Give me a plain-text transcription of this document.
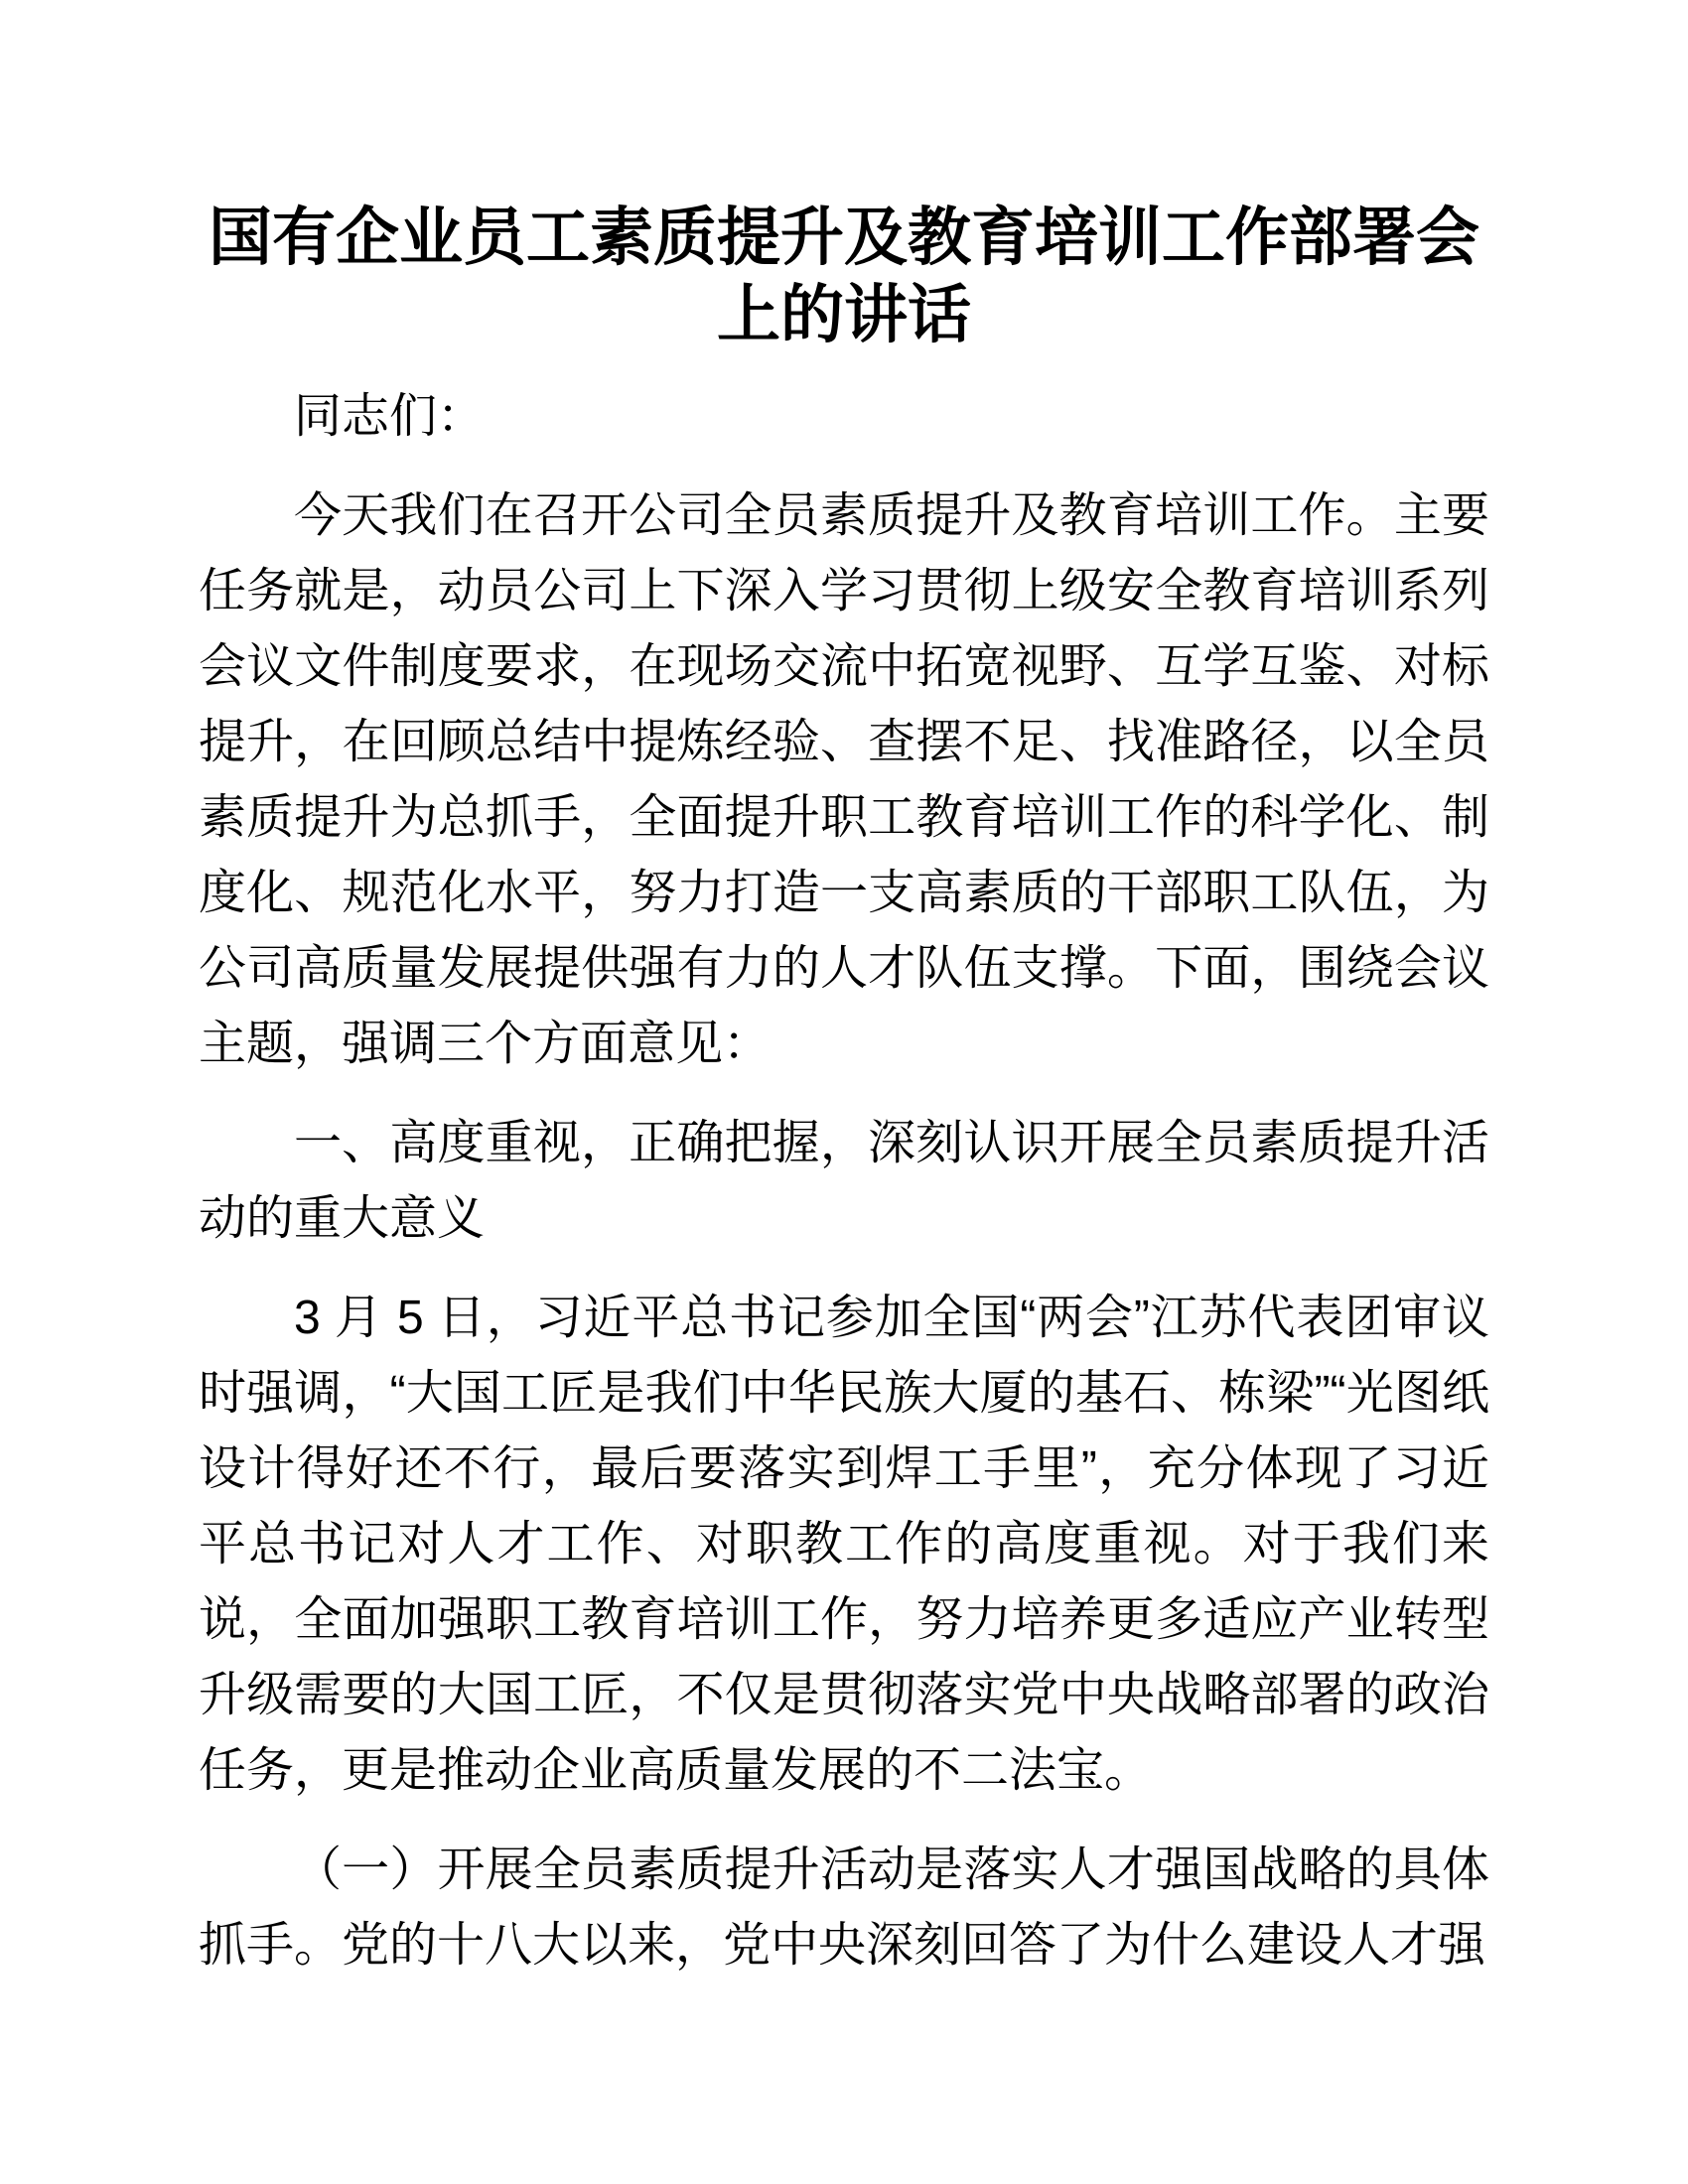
国有企业员工素质提升及教育培训工作部署会上的讲话

同志们：

今天我们在召开公司全员素质提升及教育培训工作。主要任务就是，动员公司上下深入学习贯彻上级安全教育培训系列会议文件制度要求，在现场交流中拓宽视野、互学互鉴、对标提升，在回顾总结中提炼经验、查摆不足、找准路径，以全员素质提升为总抓手，全面提升职工教育培训工作的科学化、制度化、规范化水平，努力打造一支高素质的干部职工队伍，为公司高质量发展提供强有力的人才队伍支撑。下面，围绕会议主题，强调三个方面意见：

一、高度重视，正确把握，深刻认识开展全员素质提升活动的重大意义

3 月 5 日，习近平总书记参加全国“两会”江苏代表团审议时强调，“大国工匠是我们中华民族大厦的基石、栋梁”“光图纸设计得好还不行，最后要落实到焊工手里”，充分体现了习近平总书记对人才工作、对职教工作的高度重视。对于我们来说，全面加强职工教育培训工作，努力培养更多适应产业转型升级需要的大国工匠，不仅是贯彻落实党中央战略部署的政治任务，更是推动企业高质量发展的不二法宝。

（一）开展全员素质提升活动是落实人才强国战略的具体抓手。党的十八大以来，党中央深刻回答了为什么建设人才强
